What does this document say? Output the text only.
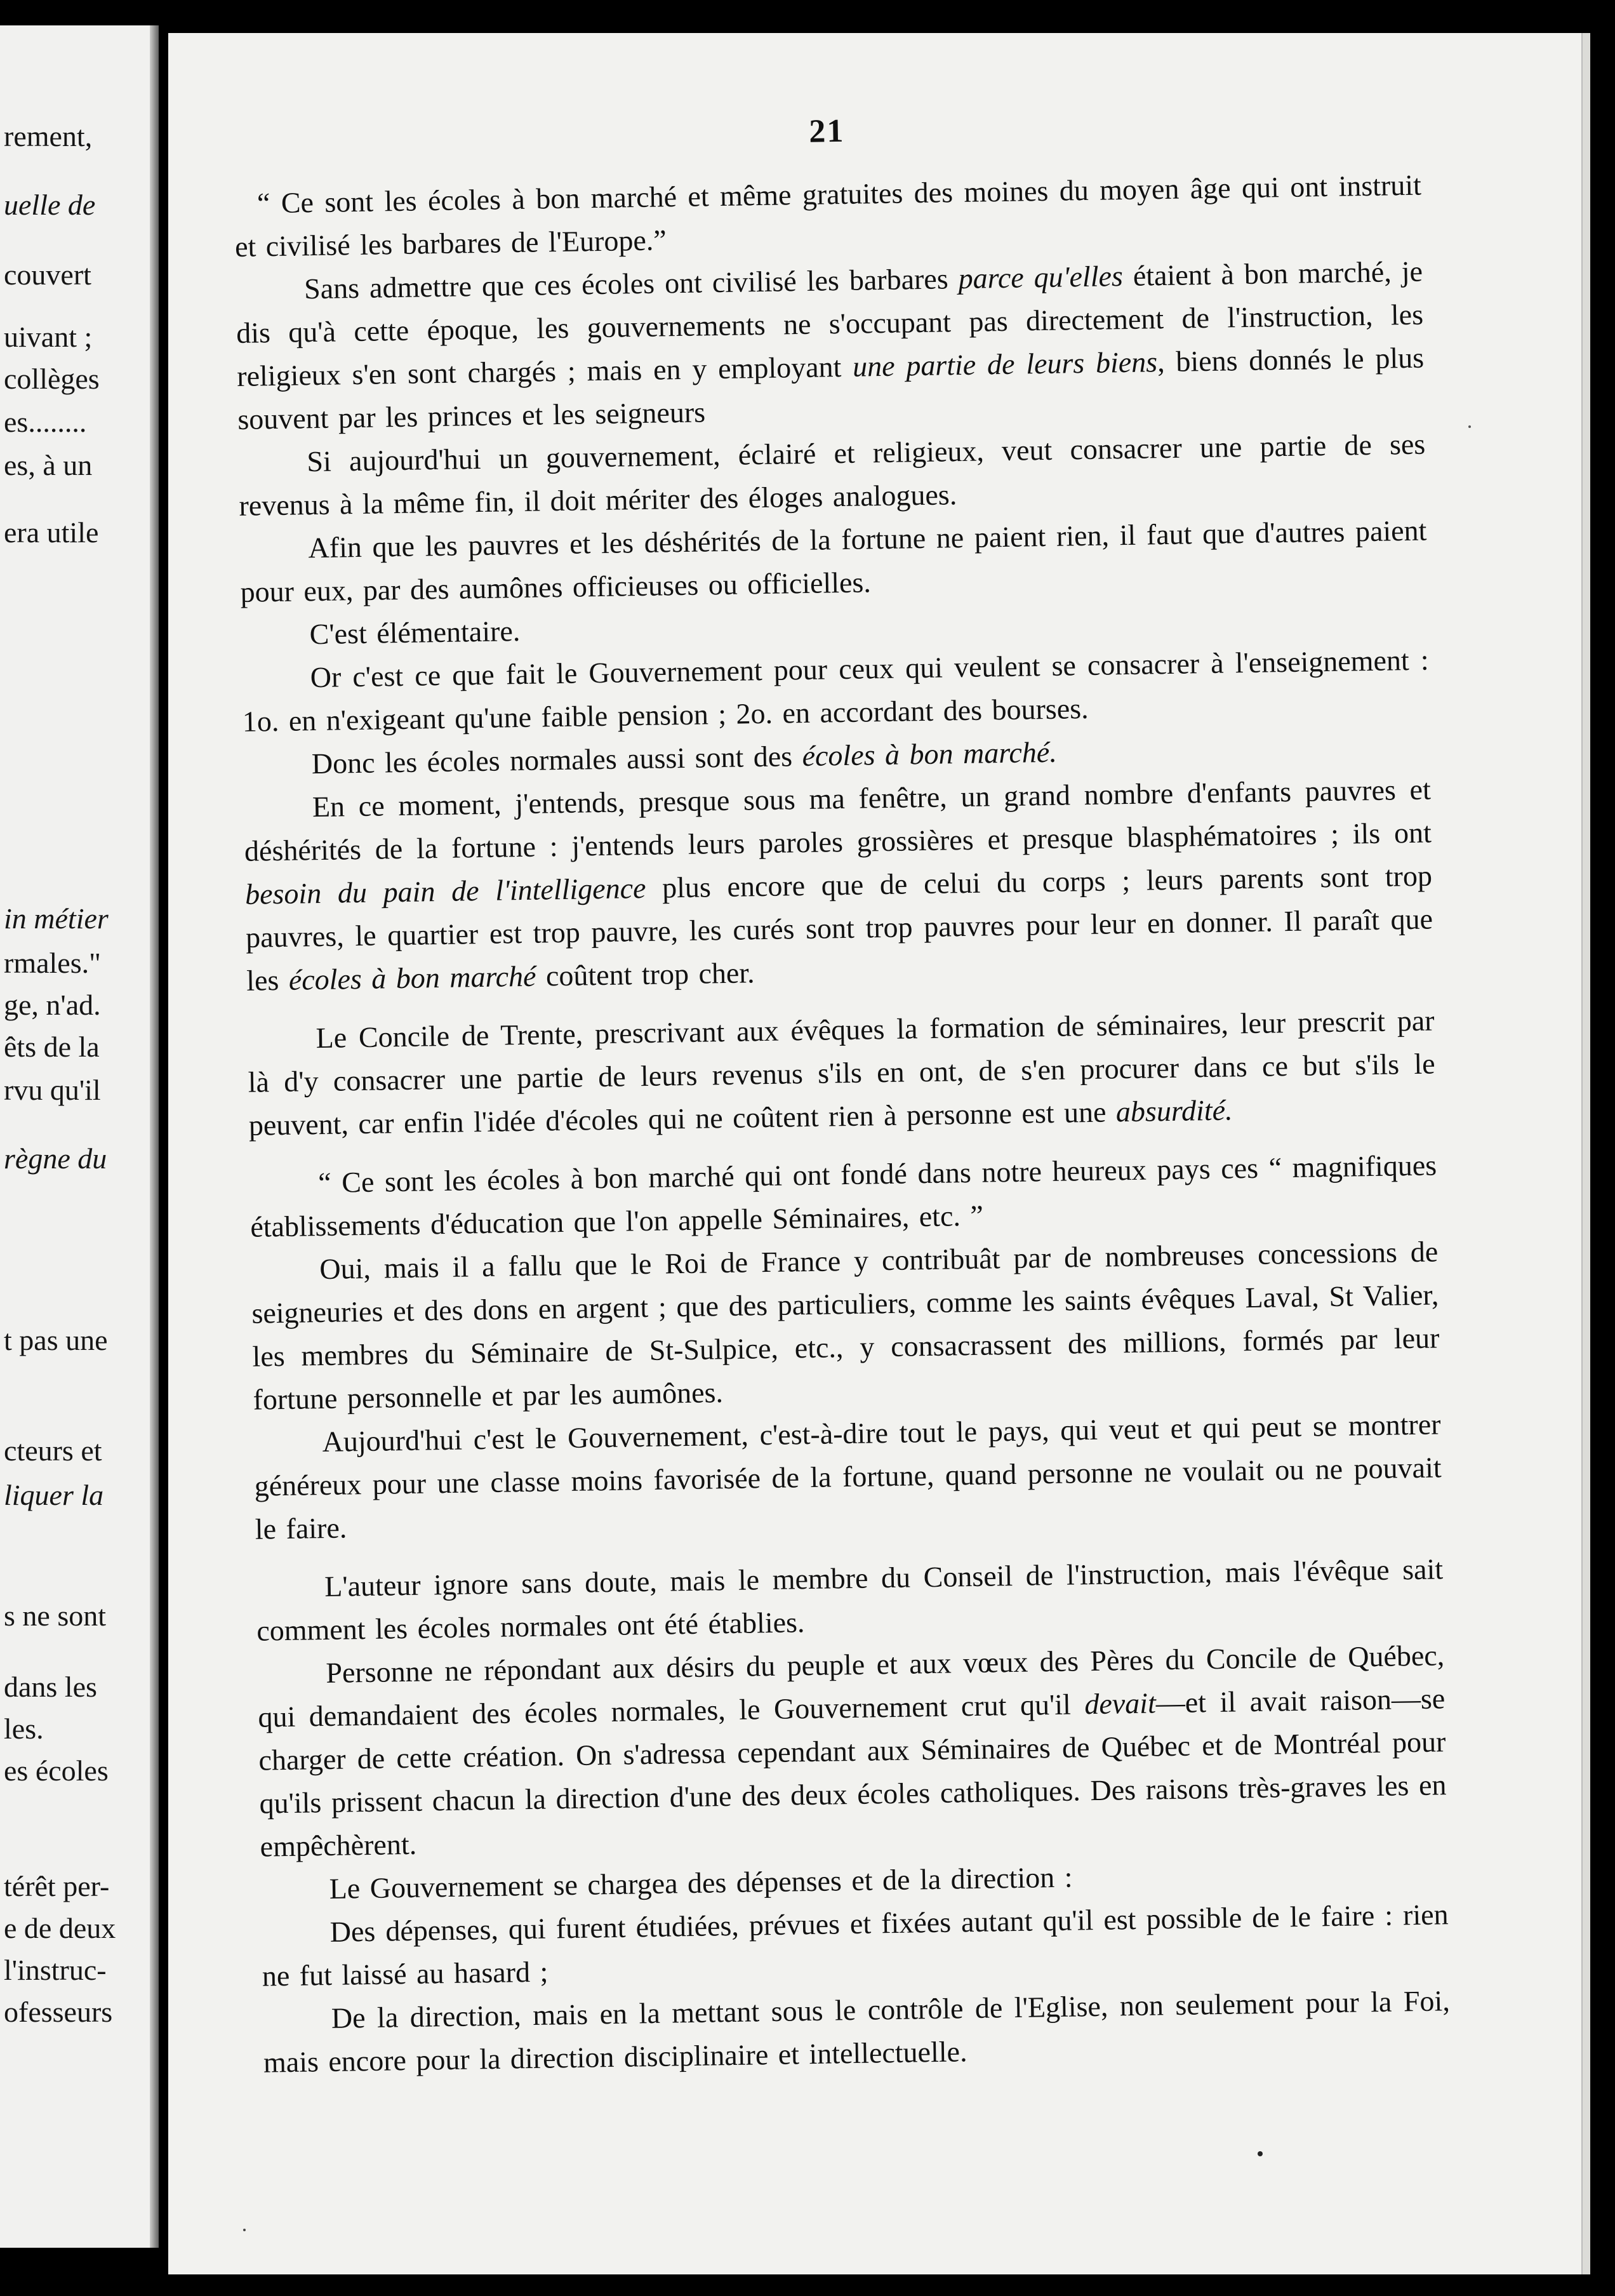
rement,
uelle de
couvert
uivant ;
collèges
es........
es, à un
era utile
in métier
rmales."
ge, n'ad.
êts de la
rvu qu'il
règne du
t pas une
cteurs et
liquer la
s ne sont
dans les
les.
es écoles
térêt per-
e de deux
l'instruc-
ofesseurs
21

“ Ce sont les écoles à bon marché et même gratuites des moines du moyen âge qui ont instruit et civilisé les barbares de l'Europe.”

Sans admettre que ces écoles ont civilisé les barbares parce qu'elles étaient à bon marché, je dis qu'à cette époque, les gouvernements ne s'occupant pas directement de l'instruction, les religieux s'en sont chargés ; mais en y employant une partie de leurs biens, biens donnés le plus souvent par les princes et les seigneurs

Si aujourd'hui un gouvernement, éclairé et religieux, veut consacrer une partie de ses revenus à la même fin, il doit mériter des éloges analogues.

Afin que les pauvres et les déshérités de la fortune ne paient rien, il faut que d'autres paient pour eux, par des aumônes officieuses ou officielles.

C'est élémentaire.

Or c'est ce que fait le Gouvernement pour ceux qui veulent se consacrer à l'enseignement : 1o. en n'exigeant qu'une faible pension ; 2o. en accordant des bourses.

Donc les écoles normales aussi sont des écoles à bon marché.

En ce moment, j'entends, presque sous ma fenêtre, un grand nombre d'enfants pauvres et déshérités de la fortune : j'entends leurs paroles grossières et presque blasphématoires ; ils ont besoin du pain de l'intelligence plus encore que de celui du corps ; leurs parents sont trop pauvres, le quartier est trop pauvre, les curés sont trop pauvres pour leur en donner. Il paraît que les écoles à bon marché coûtent trop cher.

Le Concile de Trente, prescrivant aux évêques la formation de séminaires, leur prescrit par là d'y consacrer une partie de leurs revenus s'ils en ont, de s'en procurer dans ce but s'ils le peuvent, car enfin l'idée d'écoles qui ne coûtent rien à personne est une absurdité.

“ Ce sont les écoles à bon marché qui ont fondé dans notre heureux pays ces “ magnifiques établissements d'éducation que l'on appelle Séminaires, etc. ”

Oui, mais il a fallu que le Roi de France y contribuât par de nombreuses concessions de seigneuries et des dons en argent ; que des particuliers, comme les saints évêques Laval, St Valier, les membres du Séminaire de St-Sulpice, etc., y consacrassent des millions, formés par leur fortune personnelle et par les aumônes.

Aujourd'hui c'est le Gouvernement, c'est-à-dire tout le pays, qui veut et qui peut se montrer généreux pour une classe moins favorisée de la fortune, quand personne ne voulait ou ne pouvait le faire.

L'auteur ignore sans doute, mais le membre du Conseil de l'instruction, mais l'évêque sait comment les écoles normales ont été établies.

Personne ne répondant aux désirs du peuple et aux vœux des Pères du Concile de Québec, qui demandaient des écoles normales, le Gouvernement crut qu'il devait—et il avait raison—se charger de cette création. On s'adressa cependant aux Séminaires de Québec et de Montréal pour qu'ils prissent chacun la direction d'une des deux écoles catholiques. Des raisons très-graves les en empêchèrent.

Le Gouvernement se chargea des dépenses et de la direction :

Des dépenses, qui furent étudiées, prévues et fixées autant qu'il est possible de le faire : rien ne fut laissé au hasard ;

De la direction, mais en la mettant sous le contrôle de l'Eglise, non seulement pour la Foi, mais encore pour la direction disciplinaire et intellectuelle.
